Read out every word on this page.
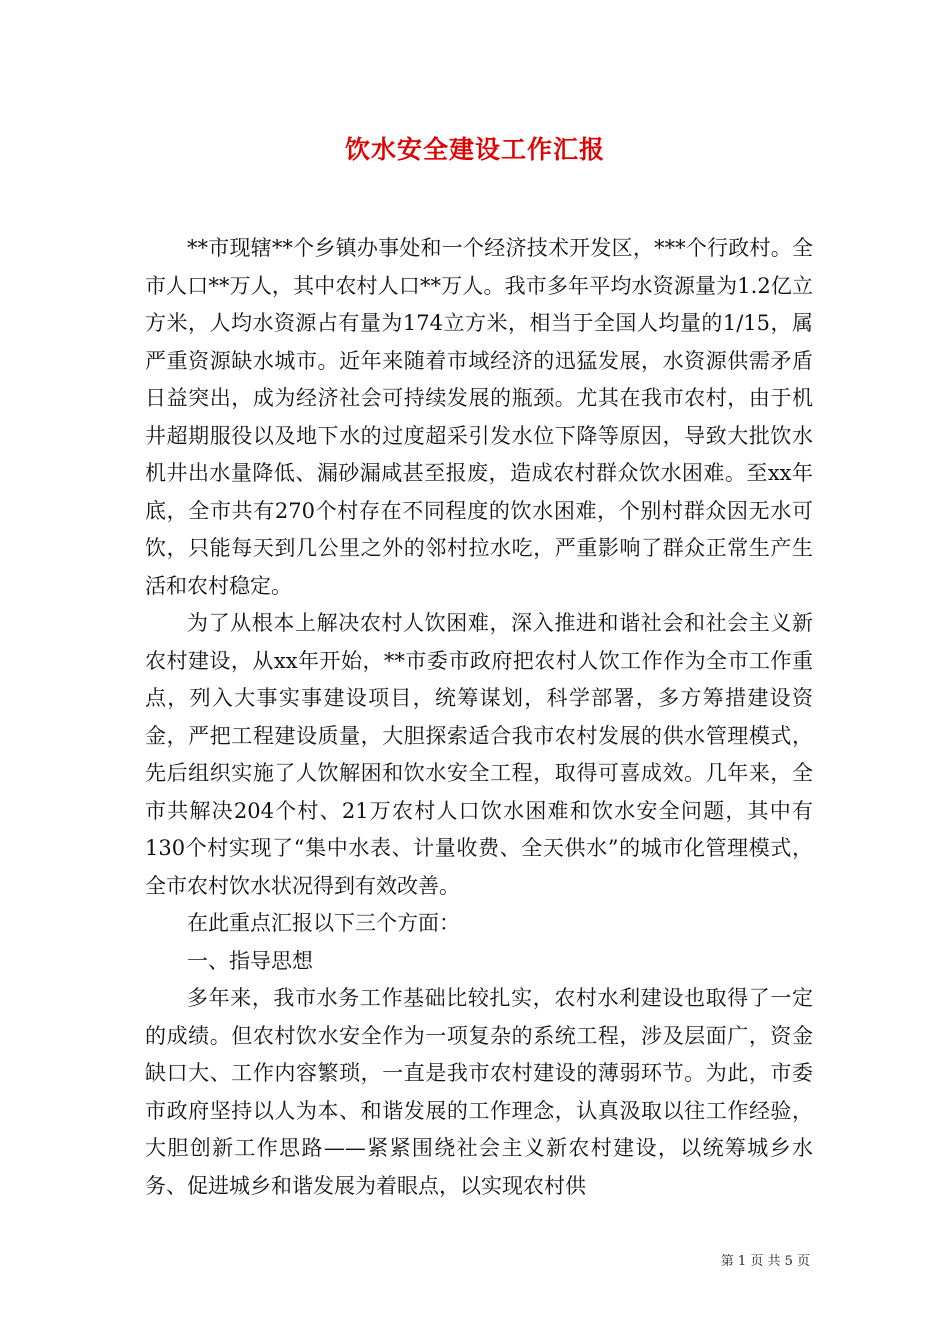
饮水安全建设工作汇报

**市现辖**个乡镇办事处和一个经济技术开发区，***个行政村。全市人口**万人，其中农村人口**万人。我市多年平均水资源量为1.2亿立方米，人均水资源占有量为174立方米，相当于全国人均量的1/15，属严重资源缺水城市。近年来随着市域经济的迅猛发展，水资源供需矛盾日益突出，成为经济社会可持续发展的瓶颈。尤其在我市农村，由于机井超期服役以及地下水的过度超采引发水位下降等原因，导致大批饮水机井出水量降低、漏砂漏咸甚至报废，造成农村群众饮水困难。至xx年底，全市共有270个村存在不同程度的饮水困难，个别村群众因无水可饮，只能每天到几公里之外的邻村拉水吃，严重影响了群众正常生产生活和农村稳定。

为了从根本上解决农村人饮困难，深入推进和谐社会和社会主义新农村建设，从xx年开始，**市委市政府把农村人饮工作作为全市工作重点，列入大事实事建设项目，统筹谋划，科学部署，多方筹措建设资金，严把工程建设质量，大胆探索适合我市农村发展的供水管理模式，先后组织实施了人饮解困和饮水安全工程，取得可喜成效。几年来，全市共解决204个村、21万农村人口饮水困难和饮水安全问题，其中有130个村实现了“集中水表、计量收费、全天供水”的城市化管理模式，全市农村饮水状况得到有效改善。

在此重点汇报以下三个方面：

一、指导思想

多年来，我市水务工作基础比较扎实，农村水利建设也取得了一定的成绩。但农村饮水安全作为一项复杂的系统工程，涉及层面广，资金缺口大、工作内容繁琐，一直是我市农村建设的薄弱环节。为此，市委市政府坚持以人为本、和谐发展的工作理念，认真汲取以往工作经验，大胆创新工作思路——紧紧围绕社会主义新农村建设，以统筹城乡水务、促进城乡和谐发展为着眼点，以实现农村供

第 1 页 共 5 页
